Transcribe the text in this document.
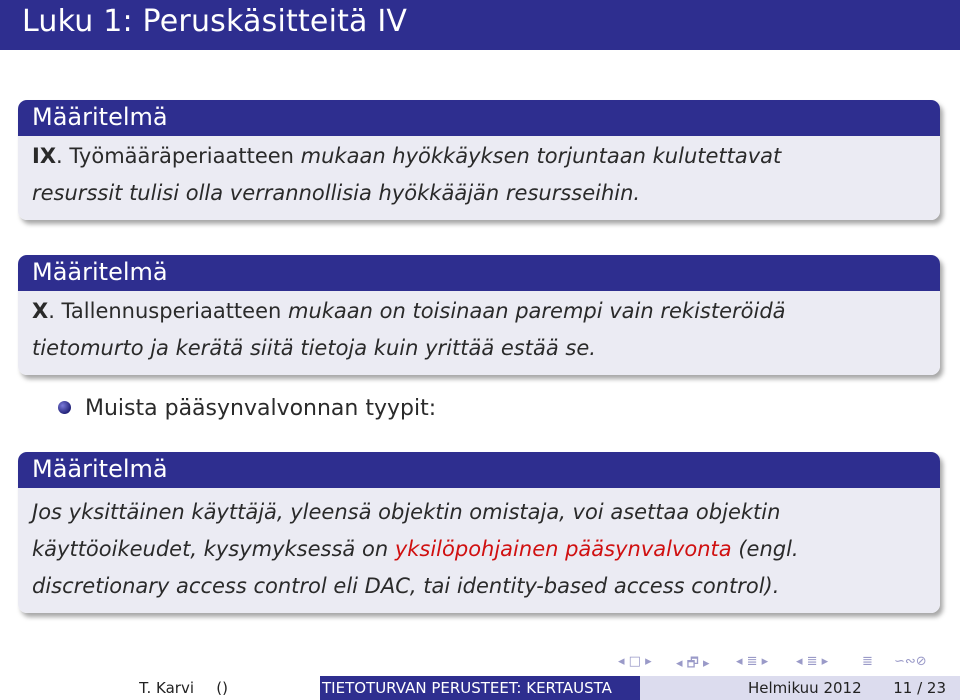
Luku 1: Peruskäsitteitä IV
Määritelmä
IX. Työmääräperiaatteen mukaan hyökkäyksen torjuntaan kulutettavat
resurssit tulisi olla verrannollisia hyökkääjän resursseihin.
Määritelmä
X. Tallennusperiaatteen mukaan on toisinaan parempi vain rekisteröidä
tietomurto ja kerätä siitä tietoja kuin yrittää estää se.
Muista pääsynvalvonnan tyypit:
Määritelmä
Jos yksittäinen käyttäjä, yleensä objektin omistaja, voi asettaa objektin
käyttöoikeudet, kysymyksessä on yksilöpohjainen pääsynvalvonta (engl.
discretionary access control eli DAC, tai identity-based access control).
◂ □ ▸ ◂ 🗗 ▸ ◂ ≣ ▸ ◂ ≣ ▸	≣ ∽∾⊘
T. Karvi ()	TIETOTURVAN PERUSTEET: KERTAUSTA	Helmikuu 2012 11 / 23
